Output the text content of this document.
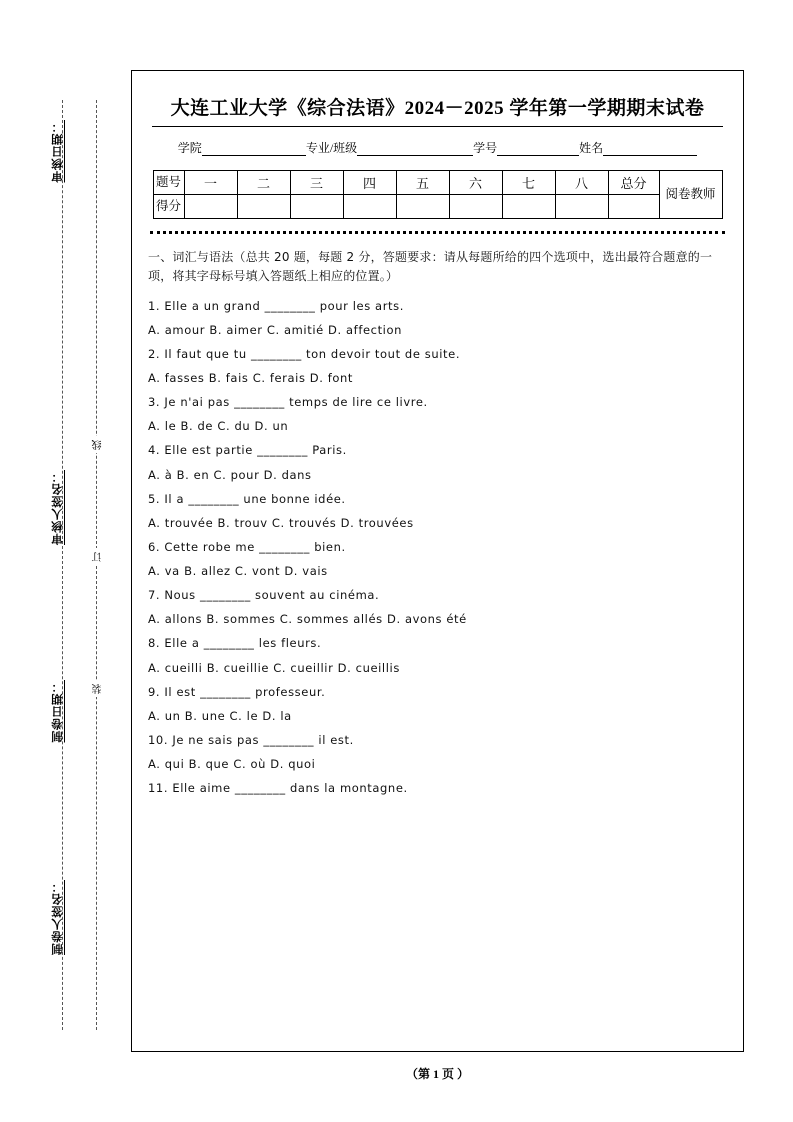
审核日期：
审核人签名：
制卷日期：
制卷人签名：
线
订
装
大连工业大学《综合法语》2024－2025 学年第一学期期末试卷
学院	专业/班级	学号	姓名
题号	一	二	三	四	五	六	七	八	总分	阅卷教师
得分										
一、词汇与语法（总共 20 题，每题 2 分，答题要求：请从每题所给的四个选项中，选出最符合题意的一项，将其字母标号填入答题纸上相应的位置。）
1. Elle a un grand ________ pour les arts.
A. amour B. aimer C. amitié D. affection
2. Il faut que tu ________ ton devoir tout de suite.
A. fasses B. fais C. ferais D. font
3. Je n'ai pas ________ temps de lire ce livre.
A. le B. de C. du D. un
4. Elle est partie ________ Paris.
A. à B. en C. pour D. dans
5. Il a ________ une bonne idée.
A. trouvée B. trouv C. trouvés D. trouvées
6. Cette robe me ________ bien.
A. va B. allez C. vont D. vais
7. Nous ________ souvent au cinéma.
A. allons B. sommes C. sommes allés D. avons été
8. Elle a ________ les fleurs.
A. cueilli B. cueillie C. cueillir D. cueillis
9. Il est ________ professeur.
A. un B. une C. le D. la
10. Je ne sais pas ________ il est.
A. qui B. que C. où D. quoi
11. Elle aime ________ dans la montagne.
（第 1 页 ）
